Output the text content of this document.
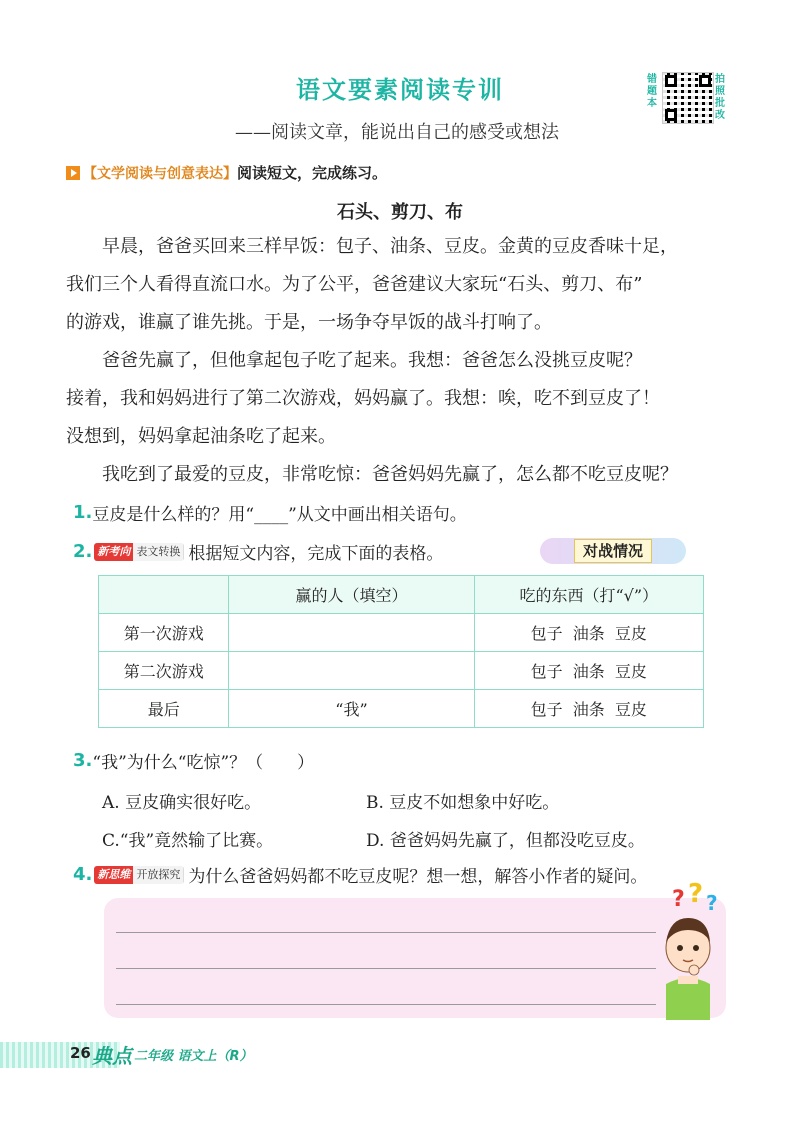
语文要素阅读专训	错题本
拍照批改
——阅读文章，能说出自己的感受或想法
【文学阅读与创意表达】 阅读短文，完成练习。
石头、剪刀、布
早晨，爸爸买回来三样早饭：包子、油条、豆皮。金黄的豆皮香味十足，
我们三个人看得直流口水。为了公平，爸爸建议大家玩“石头、剪刀、布”
的游戏，谁赢了谁先挑。于是，一场争夺早饭的战斗打响了。
爸爸先赢了，但他拿起包子吃了起来。我想：爸爸怎么没挑豆皮呢？
接着，我和妈妈进行了第二次游戏，妈妈赢了。我想：唉，吃不到豆皮了！
没想到，妈妈拿起油条吃了起来。
我吃到了最爱的豆皮，非常吃惊：爸爸妈妈先赢了，怎么都不吃豆皮呢？
1. 豆皮是什么样的？用“____”从文中画出相关语句。
2. 新考向 表文转换 根据短文内容，完成下面的表格。	对战情况
	赢的人（填空）	吃的东西（打“√”）
第一次游戏		包子  油条  豆皮
第二次游戏		包子  油条  豆皮
最后	“我”	包子  油条  豆皮
3. “我”为什么“吃惊”？（　　）
A. 豆皮确实很好吃。	B. 豆皮不如想象中好吃。
C.“我”竟然输了比赛。	D. 爸爸妈妈先赢了，但都没吃豆皮。
4. 新思维 开放探究 为什么爸爸妈妈都不吃豆皮呢？想一想，解答小作者的疑问。
? ? ?
26 典点 二年级 语文上（R）
